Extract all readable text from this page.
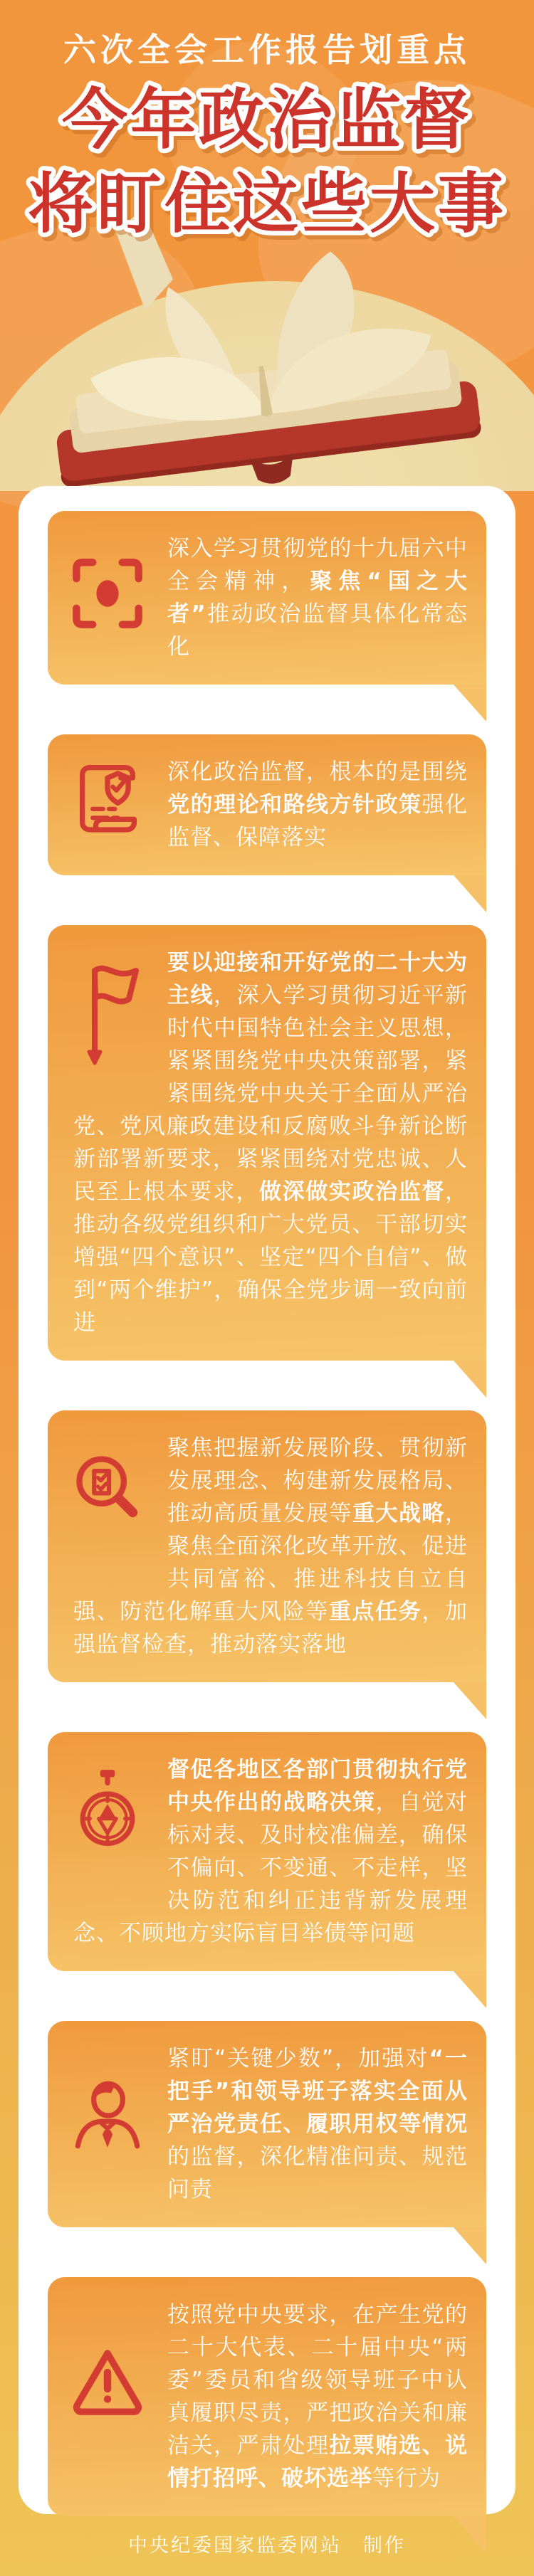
六次全会工作报告划重点
今年政治监督
将盯住这些大事
深入学习贯彻党的十九届六中全会精神，聚焦“国之大者”推动政治监督具体化常态化
深化政治监督，根本的是围绕党的理论和路线方针政策强化监督、保障落实
要以迎接和开好党的二十大为主线，深入学习贯彻习近平新时代中国特色社会主义思想，紧紧围绕党中央决策部署，紧紧围绕党中央关于全面从严治党、党风廉政建设和反腐败斗争新论断新部署新要求，紧紧围绕对党忠诚、人民至上根本要求，做深做实政治监督，推动各级党组织和广大党员、干部切实增强“四个意识”、坚定“四个自信”、做到“两个维护”，确保全党步调一致向前进
聚焦把握新发展阶段、贯彻新发展理念、构建新发展格局、推动高质量发展等重大战略，聚焦全面深化改革开放、促进共同富裕、推进科技自立自强、防范化解重大风险等重点任务，加强监督检查，推动落实落地
督促各地区各部门贯彻执行党中央作出的战略决策，自觉对标对表、及时校准偏差，确保不偏向、不变通、不走样，坚决防范和纠正违背新发展理念、不顾地方实际盲目举债等问题
紧盯“关键少数”，加强对“一把手”和领导班子落实全面从严治党责任、履职用权等情况的监督，深化精准问责、规范问责
按照党中央要求，在产生党的二十大代表、二十届中央“两委”委员和省级领导班子中认真履职尽责，严把政治关和廉洁关，严肃处理拉票贿选、说情打招呼、破坏选举等行为
中央纪委国家监委网站　制作
